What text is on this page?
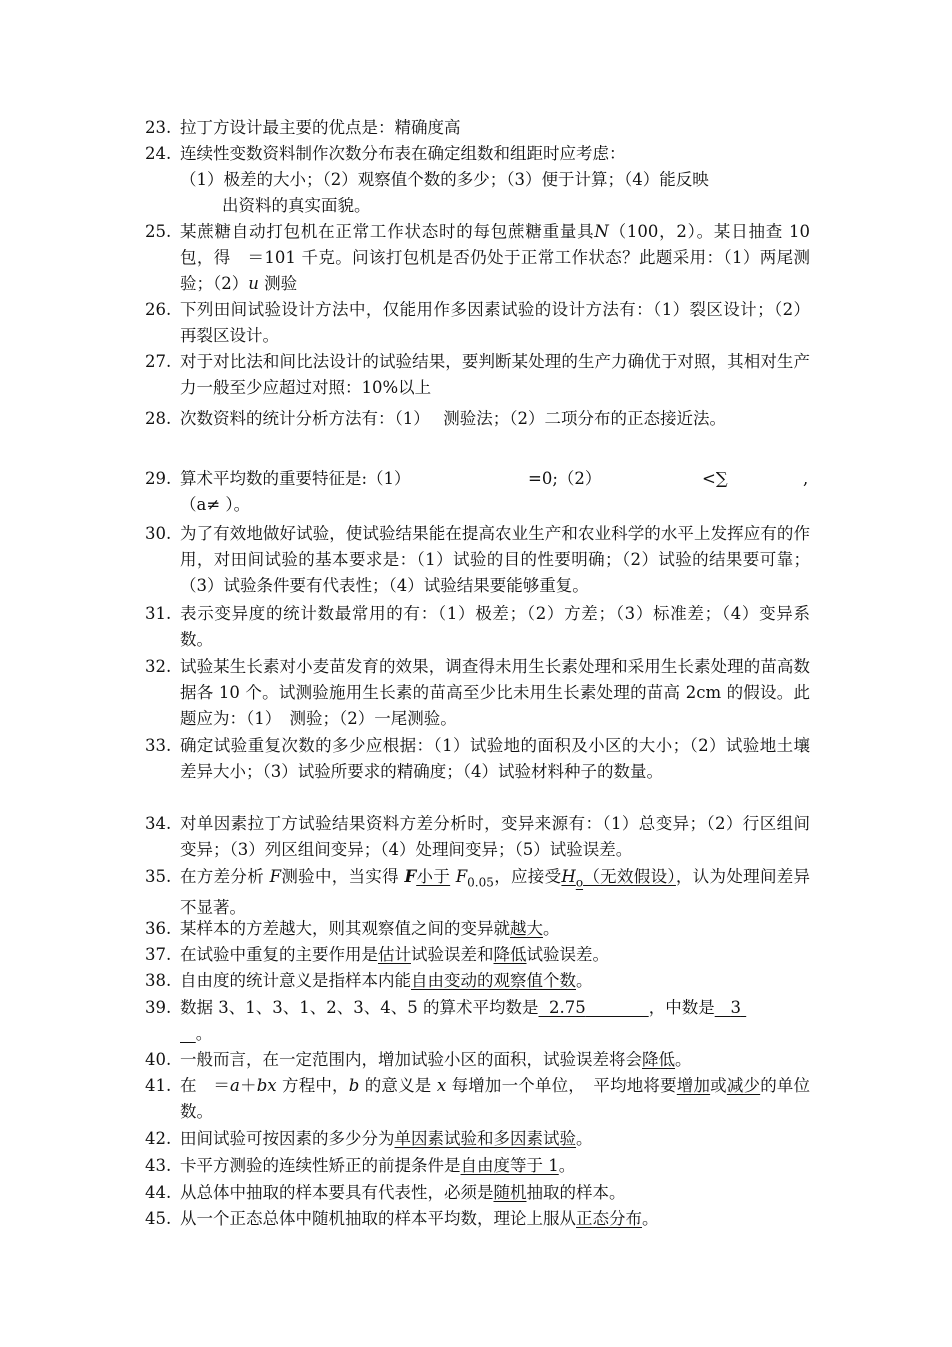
23. 拉丁方设计最主要的优点是：精确度高
24. 连续性变数资料制作次数分布表在确定组数和组距时应考虑：
（1）极差的大小；（2）观察值个数的多少；（3）便于计算；（4）能反映
出资料的真实面貌。
25. 某蔗糖自动打包机在正常工作状态时的每包蔗糖重量具N（100，2）。某日抽查 10 包，得　＝101 千克。问该打包机是否仍处于正常工作状态？此题采用：（1）两尾测验；（2）u 测验
26. 下列田间试验设计方法中，仅能用作多因素试验的设计方法有：（1）裂区设计；（2）再裂区设计。
27. 对于对比法和间比法设计的试验结果，要判断某处理的生产力确优于对照，其相对生产力一般至少应超过对照：10%以上
28. 次数资料的统计分析方法有：（1）　 测验法；（2）二项分布的正态接近法。
29. 算术平均数的重要特征是:（1）	=0;（2）	<∑	,

（a≠ ）。
30. 为了有效地做好试验，使试验结果能在提高农业生产和农业科学的水平上发挥应有的作用，对田间试验的基本要求是：（1）试验的目的性要明确；（2）试验的结果要可靠；（3）试验条件要有代表性；（4）试验结果要能够重复。
31. 表示变异度的统计数最常用的有：（1）极差；（2）方差；（3）标准差；（4）变异系数。
32. 试验某生长素对小麦苗发育的效果，调查得未用生长素处理和采用生长素处理的苗高数据各 10 个。试测验施用生长素的苗高至少比未用生长素处理的苗高 2cm 的假设。此题应为：（1）　测验；（2）一尾测验。
33. 确定试验重复次数的多少应根据：（1）试验地的面积及小区的大小；（2）试验地土壤差异大小；（3）试验所要求的精确度；（4）试验材料种子的数量。
34. 对单因素拉丁方试验结果资料方差分析时，变异来源有：（1）总变异；（2）行区组间变异；（3）列区组间变异；（4）处理间变异；（5）试验误差。
35. 在方差分析 F测验中，当实得 F小于 $F_{0.05}$，应接受$H_o$（无效假设），认为处理间差异不显著。
36. 某样本的方差越大，则其观察值之间的变异就越大。
37. 在试验中重复的主要作用是估计试验误差和降低试验误差。
38. 自由度的统计意义是指样本内能自由变动的观察值个数。
39. 数据 3、1、3、1、2、3、4、5 的算术平均数是 2.75	，中数是 3
。
40. 一般而言，在一定范围内，增加试验小区的面积，试验误差将会降低。
41. 在　＝a＋bx 方程中，b 的意义是 x 每增加一个单位，　平均地将要增加或减少的单位数。
42. 田间试验可按因素的多少分为单因素试验和多因素试验。
43. 卡平方测验的连续性矫正的前提条件是自由度等于 1。
44. 从总体中抽取的样本要具有代表性，必须是随机抽取的样本。
45. 从一个正态总体中随机抽取的样本平均数，理论上服从正态分布。
